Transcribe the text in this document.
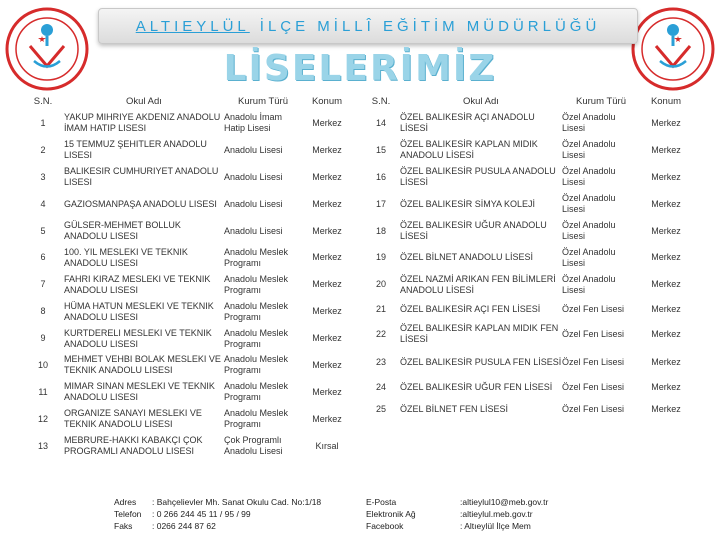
ALTIEYLÜL İLÇE MİLLÎ EĞİTİM MÜDÜRLÜĞÜ
LİSELERİMİZ
S.N.	Okul Adı	Kurum Türü	Konum
1	YAKUP MIHRIYE AKDENIZ ANADOLU İMAM HATIP LISESI	Anadolu İmam Hatip Lisesi	Merkez
2	15 TEMMUZ ŞEHITLER ANADOLU LISESI	Anadolu Lisesi	Merkez
3	BALIKESIR CUMHURIYET ANADOLU LISESI	Anadolu Lisesi	Merkez
4	GAZIOSMANPAŞA ANADOLU LISESI	Anadolu Lisesi	Merkez
5	GÜLSER-MEHMET BOLLUK ANADOLU LISESI	Anadolu Lisesi	Merkez
6	100. YIL MESLEKI VE TEKNIK ANADOLU LISESI	Anadolu Meslek Programı	Merkez
7	FAHRI KIRAZ MESLEKI VE TEKNIK ANADOLU LISESI	Anadolu Meslek Programı	Merkez
8	HÜMA HATUN MESLEKI VE TEKNIK ANADOLU LISESI	Anadolu Meslek Programı	Merkez
9	KURTDERELI MESLEKI VE TEKNIK ANADOLU LISESI	Anadolu Meslek Programı	Merkez
10	MEHMET VEHBI BOLAK MESLEKI VE TEKNIK ANADOLU LISESI	Anadolu Meslek Programı	Merkez
11	MIMAR SINAN MESLEKI VE TEKNIK ANADOLU LISESI	Anadolu Meslek Programı	Merkez
12	ORGANIZE SANAYI MESLEKI VE TEKNIK ANADOLU LISESI	Anadolu Meslek Programı	Merkez
13	MEBRURE-HAKKI KABAKÇI ÇOK PROGRAMLI ANADOLU LISESI	Çok Programlı Anadolu Lisesi	Kırsal
S.N.	Okul Adı	Kurum Türü	Konum
14	ÖZEL BALIKESİR AÇI ANADOLU LİSESİ	Özel Anadolu Lisesi	Merkez
15	ÖZEL BALIKESİR KAPLAN MIDIK ANADOLU LİSESİ	Özel Anadolu Lisesi	Merkez
16	ÖZEL BALIKESİR PUSULA ANADOLU LİSESİ	Özel Anadolu Lisesi	Merkez
17	ÖZEL BALIKESİR SİMYA KOLEJİ	Özel Anadolu Lisesi	Merkez
18	ÖZEL BALIKESİR UĞUR ANADOLU LİSESİ	Özel Anadolu Lisesi	Merkez
19	ÖZEL BİLNET ANADOLU LİSESİ	Özel Anadolu Lisesi	Merkez
20	ÖZEL NAZMİ ARIKAN FEN BİLİMLERİ ANADOLU LİSESİ	Özel Anadolu Lisesi	Merkez
21	ÖZEL BALIKESİR AÇI FEN LİSESİ	Özel Fen Lisesi	Merkez
22	ÖZEL BALIKESİR KAPLAN MIDIK FEN LİSESİ	Özel Fen Lisesi	Merkez
23	ÖZEL BALIKESİR PUSULA FEN LİSESİ	Özel Fen Lisesi	Merkez
24	ÖZEL BALIKESİR UĞUR FEN LİSESİ	Özel Fen Lisesi	Merkez
25	ÖZEL BİLNET FEN LİSESİ	Özel Fen Lisesi	Merkez
Adres : Bahçelievler Mh. Sanat Okulu Cad. No:1/18
Telefon : 0 266 244 45 11 / 95 / 99
Faks : 0266 244 87 62
E-Posta	:altieylul10@meb.gov.tr
Elektronik Ağ	:altieylul.meb.gov.tr
Facebook	: Altıeylül İlçe Mem
